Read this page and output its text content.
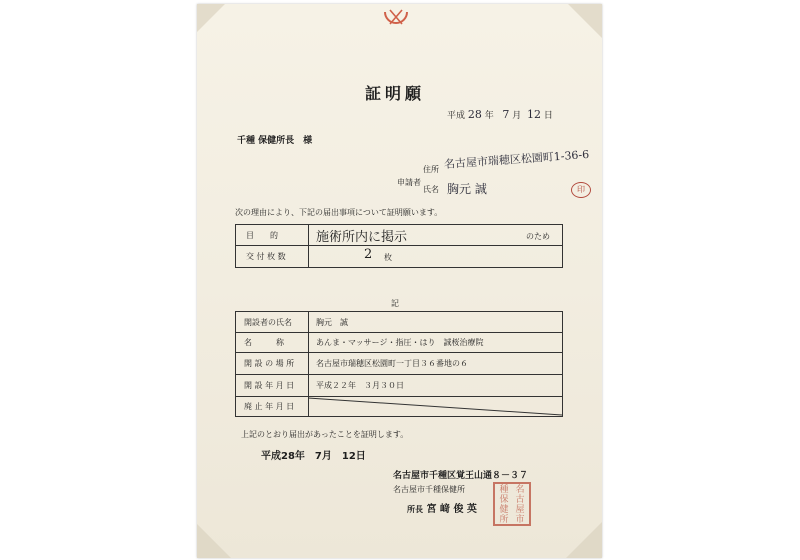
証明願
平成 28 年 7 月 12 日
千種 保健所長　様
住所 名古屋市瑞穂区松園町1-36-6
申請者
氏名 胸元 誠	印
次の理由により、下記の届出事項について証明願います。
目　　的	施術所内に掲示	のため
交 付 枚 数	2 枚
記
開設者の氏名	胸元　誠
名　　　称	あんま・マッサージ・指圧・はり　誠桜治療院
開 設 の 場 所	名古屋市瑞穂区松園町一丁目３６番地の６
開 設 年 月 日	平成２２年　３月３０日
廃 止 年 月 日
上記のとおり届出があったことを証明します。
平成28年　7月　12日
名古屋市千種区覚王山通８－３７
名古屋市千種保健所
所長 宮 﨑 俊 英
種 名
保 古
健 屋
所 市
